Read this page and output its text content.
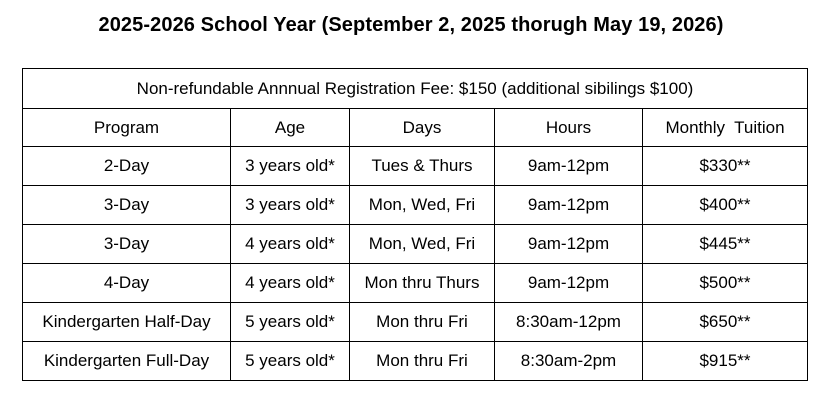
2025-2026 School Year (September 2, 2025 thorugh May 19, 2026)
Non-refundable Annnual Registration Fee: $150 (additional sibilings $100)				
Program	Age	Days	Hours	Monthly  Tuition
2-Day	3 years old*	Tues & Thurs	9am-12pm	$330**
3-Day	3 years old*	Mon, Wed, Fri	9am-12pm	$400**
3-Day	4 years old*	Mon, Wed, Fri	9am-12pm	$445**
4-Day	4 years old*	Mon thru Thurs	9am-12pm	$500**
Kindergarten Half-Day	5 years old*	Mon thru Fri	8:30am-12pm	$650**
Kindergarten Full-Day	5 years old*	Mon thru Fri	8:30am-2pm	$915**
